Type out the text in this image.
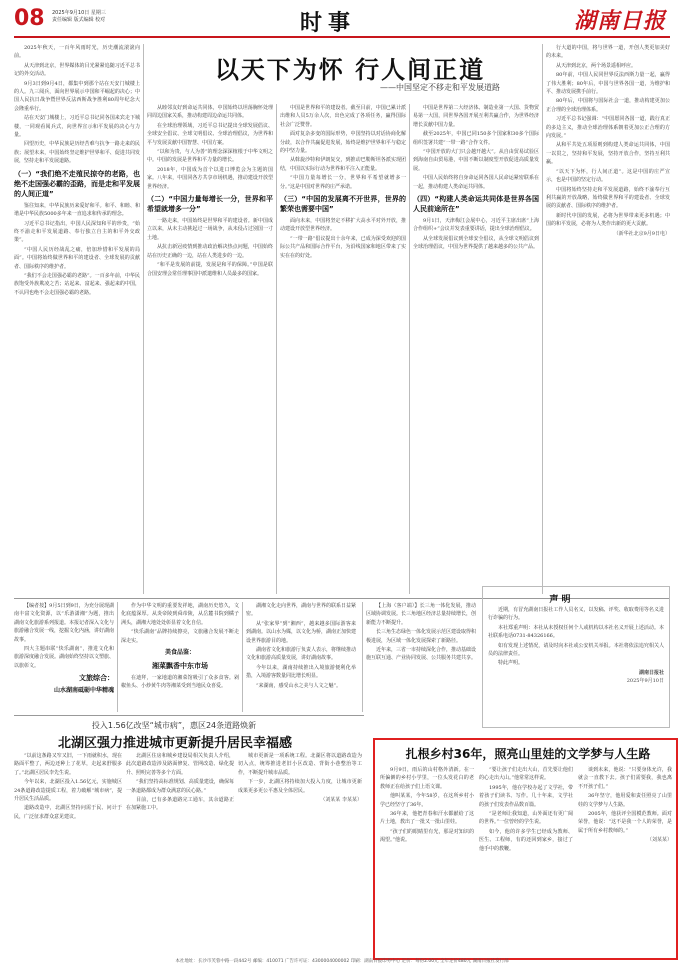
08 2025年9月10日 星期三
责任编辑 版式编辑 校对	时事	湖南日报
以天下为怀 行人间正道
——中国坚定不移走和平发展道路

2025年秋天，一百年风雨时光，历史潮流滚滚向前。

从天津到北京，世界媒体的目光紧紧追随习近平总书记的外交活动。

9月3日到9月4日，都集中到那个站在天安门城楼上的人。九三阅兵，面向世界展示中国和平崛起的决心；中国人民抗日战争暨世界反法西斯战争胜利80周年纪念大会隆重举行。

站在天安门城楼上，习近平总书记同各国来宾走下城楼，一同观看阅兵式，向世界宣示和平发展的决心与力量。

回望历史，中华民族是历经苦难与抗争一路走来的民族；展望未来，中国始终坚定维护世界和平、促进共同发展，坚持走和平发展道路。

（一）“我们绝不走殖民掠夺的老路，也绝不走国强必霸的歪路，而是走和平发展的人间正道”

鉴往知来，中华民族历来爱好和平。和平、和睦、和谐是中华民族5000多年来一直追求和传承的理念。

习近平总书记指出，中国人民深知和平的珍贵，“始终不渝走和平发展道路、奉行独立自主的和平外交政策”。

“中国人民历经战乱之痛，倍加珍惜和平发展的局面”。中国将始终做世界和平的建设者、全球发展的贡献者、国际秩序的维护者。

“我们不会走国强必霸的老路”。一百多年前，中华民族饱受外族欺凌之苦；站起来、富起来、强起来的中国，不认同也绝不会走国强必霸的老路。

从睦邻友好到命运共同体，中国始终以坦荡胸怀处理同周边国家关系，推动构建周边命运共同体。

在全球治理领域，习近平总书记提出全球发展倡议、全球安全倡议、全球文明倡议、全球治理倡议，为世界和平与发展贡献中国智慧、中国方案。

“以和为贵，与人为善”的理念深深植根于中华文明之中。中国的发展是世界和平力量的增长。

2018年，中国成为首个以进口博览会为主题的国家。八年来，中国同各方共享市场机遇，推动建设开放型世界经济。

（二）“中国力量每增长一分，世界和平希望就增多一分”

一路走来，中国始终是世界和平的建设者。新中国成立以来，从未主动挑起过一场战争，从未侵占过别国一寸土地。

从抗击新冠疫情到推动政治解决热点问题，中国始终站在历史正确的一边，站在人类进步的一边。

“和平是发展的前提，发展是和平的保障。”中国是联合国安理会常任理事国中派遣维和人员最多的国家。

中国是世界和平的建设者。截至目前，中国已累计派出维和人员5万余人次，出色完成了各项任务，赢得国际社会广泛赞誉。

面对复杂多变的国际形势，中国坚持以对话协商化解分歧，以合作共赢促进发展，始终是维护世界和平与稳定的中坚力量。

从斡旋沙特和伊朗复交，到推动巴勒斯坦各派实现团结，中国以实际行动为世界和平注入正能量。

“中国力量每增长一分，世界和平希望就增多一分。”这是中国对世界的庄严承诺。

（三）“中国的发展离不开世界，世界的繁荣也需要中国”

面向未来，中国将坚定不移扩大高水平对外开放，推动建设开放型世界经济。

“一带一路”倡议提出十余年来，已成为深受欢迎的国际公共产品和国际合作平台，为沿线国家和地区带来了实实在在的好处。

中国是世界第二大经济体、制造业第一大国、货物贸易第一大国，同世界各国开展互利共赢合作，为世界经济增长贡献中国力量。

截至2025年，中国已同150多个国家和30多个国际组织签署共建“一带一路”合作文件。

“中国开放的大门只会越开越大”。从自由贸易试验区到海南自由贸易港，中国不断以制度型开放促进高质量发展。

中国人民始终将自身命运同各国人民命运紧密联系在一起，推动构建人类命运共同体。

（四）“构建人类命运共同体是世界各国人民前途所在”

9月1日，天津梅江会展中心，习近平主席出席“上海合作组织+”会议并发表重要讲话，提出全球治理倡议。

从全球发展倡议到全球安全倡议，从全球文明倡议到全球治理倡议，中国为世界提供了越来越多的公共产品。

行大道的中国，将与世界一道，开创人类更加美好的未来。

从天津到北京，两个场景遥相呼应。

80年前，中国人民同世界反法西斯力量一起，赢得了伟大胜利；80年后，中国与世界各国一道，为维护和平、推动发展携手前行。

80年后，中国将与国际社会一道，推动构建更加公正合理的全球治理体系。

习近平总书记强调：“中国愿同各国一道，践行真正的多边主义，推动全球治理体系朝着更加公正合理的方向发展。”

从和平共处五项原则到构建人类命运共同体，中国一以贯之，坚持和平发展，坚持开放合作，坚持互利共赢。

“以天下为怀，行人间正道”。这是中国的庄严宣示，也是中国的坚定行动。

中国将始终坚持走和平发展道路，始终不渝奉行互利共赢的开放战略，始终做世界和平的建设者、全球发展的贡献者、国际秩序的维护者。

新时代中国的发展，必将为世界带来更多机遇；中国的和平发展，必将为人类作出新的更大贡献。

（新华社北京9月9日电）

【编者按】9月5日到9日，为充分展现湖南丰富文化资源，以“乐游潇湘”为题，推出湖南文化旅游系列报道。本报记者深入文化与旅游融合发展一线，挖掘文化内涵，讲好湖南故事。

四大主题串联“快乐湖南”，推进文化和旅游深度融合发展。湖南始终坚持以文塑旅、以旅彰文。

文旅综合：
山水湖南砥砺中华精魂

作为中华文明的重要发祥地，湖南历史悠久，文化底蕴深厚。从炎帝陵到舜帝陵，从岳麓书院到橘子洲头，湖湘大地处处彰显着文化自信。

“快乐湖南”品牌持续擦亮，文旅融合发展不断走深走实。

美食品鉴：
湘菜飘香中东市场

在迪拜，一家地道的湘菜馆吸引了众多食客。剁椒鱼头、小炒黄牛肉等湘菜受到当地民众喜爱。

湖湘文化走向世界，湖南与世界的联系日益紧密。

从“张家界”到“湘西”，越来越多国际游客来到湖南。以山水为媒，以文化为桥，湖南正加快建设世界旅游目的地。

湖南省文化和旅游厅负责人表示，将继续推动文化和旅游高质量发展，讲好湖南故事。

今年以来，湖南持续推出入境旅游便利化举措，入境游客数量同比增长明显。

“来湖南，感受山水之美与人文之魅”。

【上海（客户端）】长三角一体化发展，推动区域协调发展。长三角地区经济总量持续增长，创新能力不断提升。

长三角生态绿色一体化发展示范区建设取得积极进展，为区域一体化发展探索了新路径。

近年来，三省一市持续深化合作，推动基础设施互联互通、产业协同发展、公共服务共建共享。

声 明

近期，有冒充湖南日报社工作人员名义，以发稿、评奖、收取费用等名义进行诈骗的行为。

本社郑重声明：本社从未授权任何个人或机构以本社名义开展上述活动。本社联系电话0731-84326166。

如有发现上述情况，请及时向本社或公安机关举报。本社将依法追究相关人员的法律责任。

特此声明。

湖南日报社

2025年9月10日

投入1.56亿改坚“城市病”，惠区24条道路焕新
北湖区强力推进城市更新提升居民幸福感

“以前这条路又窄又旧，一下雨就积水，现在路面平整了，两边还种上了花草，走起来舒服多了。”北湖区居民李先生说。

今年以来，北湖区投入1.56亿元，实施城区24条道路改造提质工程，着力破解“城市病”，提升居民生活品质。

道路改造中，北湖区坚持问需于民、问计于民，广泛征求群众意见建议。

北湖区住房和城乡建设局相关负责人介绍，此次道路改造涉及路面修复、管网改造、绿化提升、照明完善等多个方面。

“我们坚持高标准规划、高质量建设，确保每一条道路都成为群众满意的民心路。”

目前，已有多条道路完工通车，其余道路正在加紧施工中。

城市更新是一项系统工程。北湖区将以道路改造为切入点，统筹推进老旧小区改造、背街小巷整治等工作，不断提升城市品质。

下一步，北湖区将持续加大投入力度，让城市更新成果更多更公平惠及全体居民。

（刘某某 李某某）

扎根乡村36年，照亮山里娃的文学梦与人生路

9月9日，雨后的山村格外清新。在一所偏僻的乡村小学里，一位头发花白的老教师正在给孩子们上语文课。

他叫某某，今年58岁，在这所乡村小学已经坚守了36年。

36年来，他把青春和汗水都献给了这片土地，教出了一批又一批山里娃。

“孩子们的眼睛里有光，那是对知识的渴望。”他说。

“要让孩子们走出大山，首先要让他们的心走出大山。”他常常这样说。

1995年，他在学校办起了文学社，带着孩子们读书、写作。几十年来，文学社的孩子们发表作品数百篇。

“是老师让我知道，山外面还有更广阔的世界。”一位曾经的学生说。

如今，他的许多学生已经成为教师、医生、工程师，有的还回到家乡，接过了他手中的教鞭。

谈到未来，他说：“只要身体允许，我就会一直教下去。孩子们需要我，我也离不开孩子们。”

36年坚守，他用爱和责任照亮了山里娃的文学梦与人生路。

2005年，他获评全国模范教师。面对荣誉，他说：“这不是我一个人的荣誉，是属于所有乡村教师的。”

（刘某某）

本社地址：长沙市芙蓉中路一段442号 邮编：410071 广告许可证：4300004000002 印刷：湖南日报印务中心 定价：每份2.00元 全年定价480元 湖南日报社发行部
